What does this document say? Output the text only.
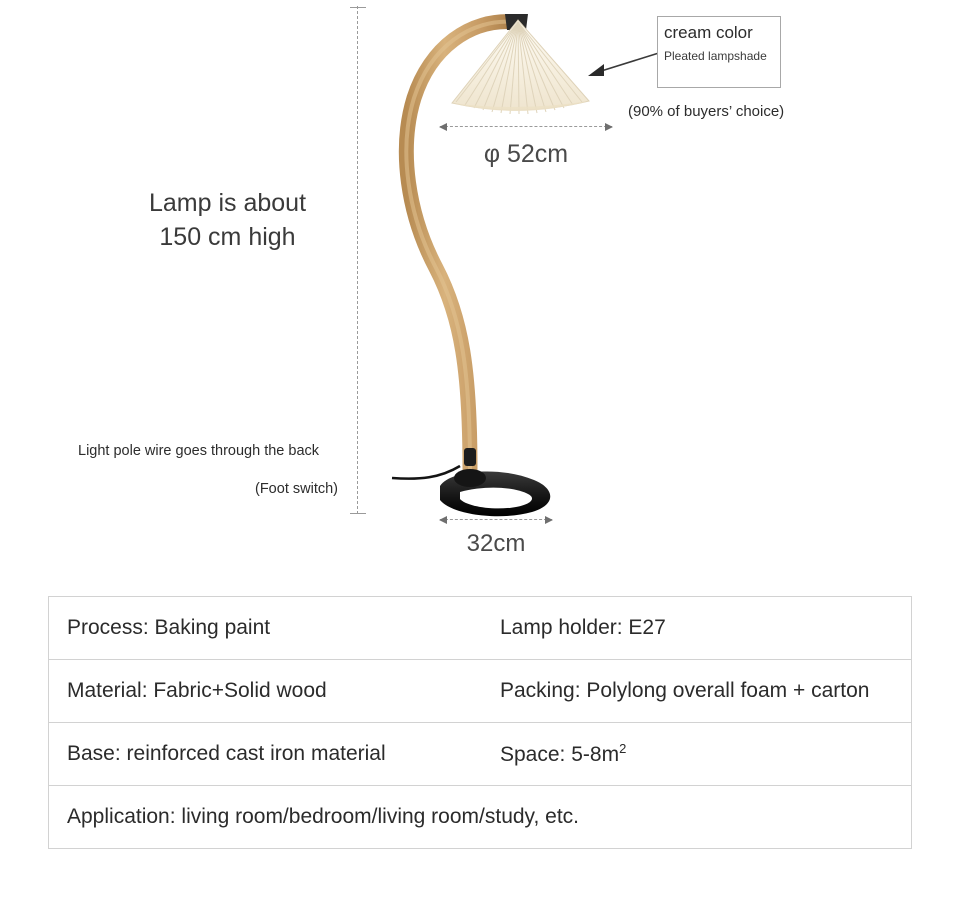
Lamp is about
150 cm high
φ 52cm
32cm
cream color
Pleated lampshade
(90% of buyers’ choice)
Light pole wire goes through the back
(Foot switch)
Process: Baking paint	Lamp holder: E27
Material: Fabric+Solid wood	Packing: Polylong overall foam + carton
Base: reinforced cast iron material	Space: $5-8m^2$
Application: living room/bedroom/living room/study, etc.
